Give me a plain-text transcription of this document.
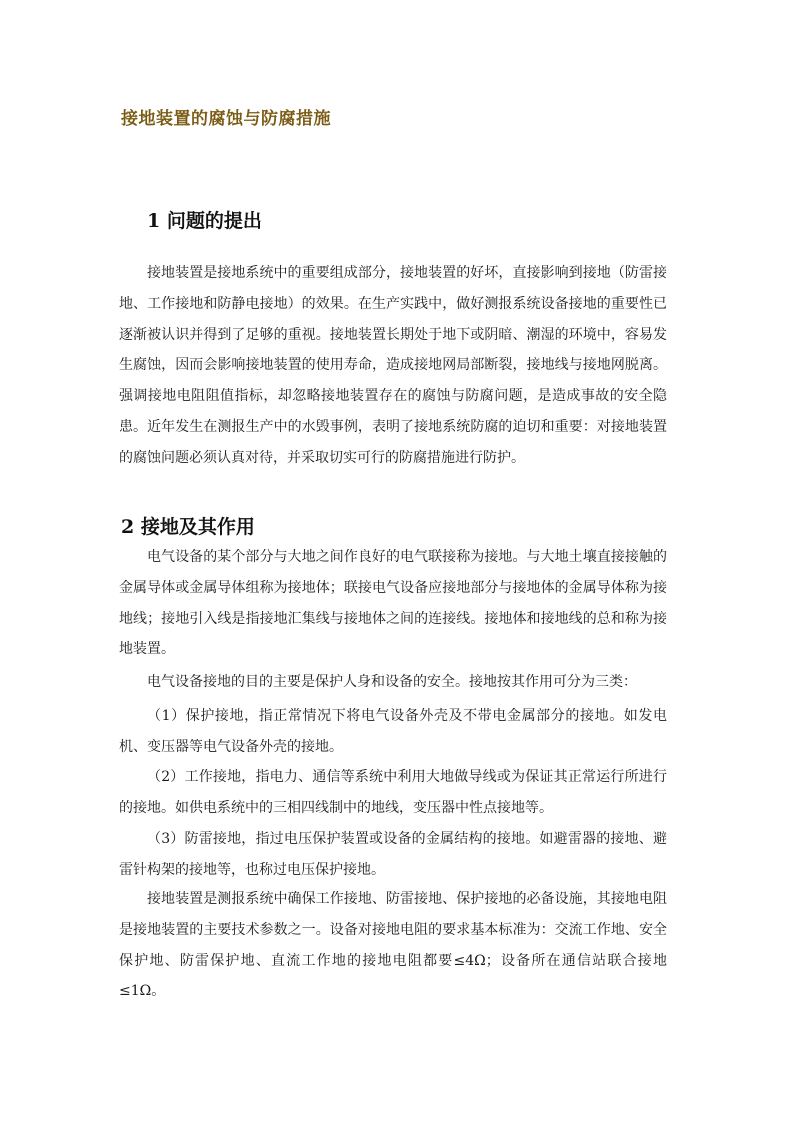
接地装置的腐蚀与防腐措施
1 问题的提出

接地装置是接地系统中的重要组成部分，接地装置的好坏，直接影响到接地（防雷接地、工作接地和防静电接地）的效果。在生产实践中，做好测报系统设备接地的重要性已逐渐被认识并得到了足够的重视。接地装置长期处于地下或阴暗、潮湿的环境中，容易发生腐蚀，因而会影响接地装置的使用寿命，造成接地网局部断裂，接地线与接地网脱离。强调接地电阻阻值指标，却忽略接地装置存在的腐蚀与防腐问题，是造成事故的安全隐患。近年发生在测报生产中的水毁事例，表明了接地系统防腐的迫切和重要：对接地装置的腐蚀问题必须认真对待，并采取切实可行的防腐措施进行防护。

2 接地及其作用

电气设备的某个部分与大地之间作良好的电气联接称为接地。与大地土壤直接接触的金属导体或金属导体组称为接地体；联接电气设备应接地部分与接地体的金属导体称为接地线；接地引入线是指接地汇集线与接地体之间的连接线。接地体和接地线的总和称为接地装置。

电气设备接地的目的主要是保护人身和设备的安全。接地按其作用可分为三类：

（1）保护接地，指正常情况下将电气设备外壳及不带电金属部分的接地。如发电机、变压器等电气设备外壳的接地。

（2）工作接地，指电力、通信等系统中利用大地做导线或为保证其正常运行所进行的接地。如供电系统中的三相四线制中的地线，变压器中性点接地等。

（3）防雷接地，指过电压保护装置或设备的金属结构的接地。如避雷器的接地、避雷针构架的接地等，也称过电压保护接地。

接地装置是测报系统中确保工作接地、防雷接地、保护接地的必备设施，其接地电阻是接地装置的主要技术参数之一。设备对接地电阻的要求基本标准为：交流工作地、安全保护地、防雷保护地、直流工作地的接地电阻都要≤4Ω；设备所在通信站联合接地≤1Ω。
